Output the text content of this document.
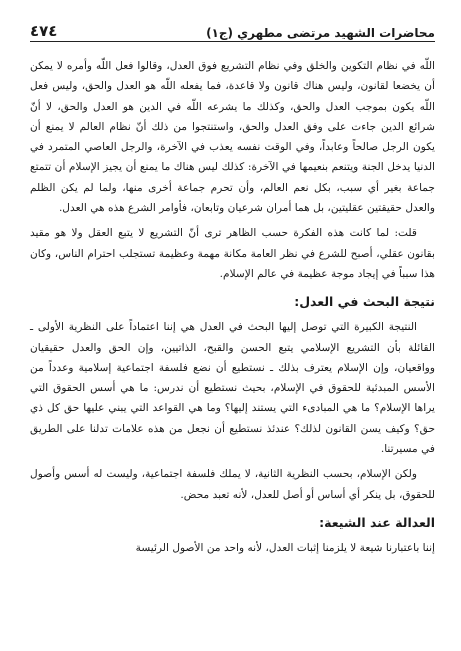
محاضرات الشهيد مرتضى مطهري (ج١)
٤٧٤

اللّه في نظام التكوين والخلق وفي نظام التشريع فوق العدل، وقالوا فعل اللّه وأمره لا يمكن أن يخضعا لقانون، وليس هناك قانون ولا قاعدة، فما يفعله اللّه هو العدل والحق، وليس فعل اللّه يكون بموجب العدل والحق، وكذلك ما يشرعه اللّه في الدين هو العدل والحق، لا أنّ شرائع الدين جاءت على وفق العدل والحق، واستنتجوا من ذلك أنّ نظام العالم لا يمنع أن يكون الرجل صالحاً وعابداً، وفي الوقت نفسه يعذب في الآخرة، والرجل العاصي المتمرد في الدنيا يدخل الجنة ويتنعم بنعيمها في الآخرة: كذلك ليس هناك ما يمنع أن يجيز الإسلام أن تتمتع جماعة بغير أي سبب، بكل نعم العالم، وأن تحرم جماعة أخرى منها، ولما لم يكن الظلم والعدل حقيقتين عقليتين، بل هما أمران شرعيان وتابعان، فأوامر الشرع هذه هي العدل.

قلت: لما كانت هذه الفكرة حسب الظاهر ترى أنّ التشريع لا يتبع العقل ولا هو مقيد بقانون عقلي، أصبح للشرع في نظر العامة مكانة مهمة وعظيمة تستجلب احترام الناس، وكان هذا سبباً في إيجاد موجة عظيمة في عالم الإسلام.

نتيجة البحث في العدل:

النتيجة الكبيرة التي توصل إليها البحث في العدل هي إننا اعتماداً على النظرية الأولى ـ القائلة بأن التشريع الإسلامي يتبع الحسن والقبح، الذاتيين، وإن الحق والعدل حقيقيان وواقعيان، وإن الإسلام يعترف بذلك ـ نستطيع أن نضع فلسفة اجتماعية إسلامية وعدداً من الأسس المبدئية للحقوق في الإسلام، بحيث نستطيع أن ندرس: ما هي أسس الحقوق التي يراها الإسلام؟ ما هي المبادىء التي يستند إليها؟ وما هي القواعد التي يبني عليها حق كل ذي حق؟ وكيف يسن القانون لذلك؟ عندئذ نستطيع أن نجعل من هذه علامات تدلنا على الطريق في مسيرتنا.

ولكن الإسلام، بحسب النظرية الثانية، لا يملك فلسفة اجتماعية، وليست له أسس وأصول للحقوق، بل ينكر أي أساس أو أصل للعدل، لأنه تعبد محض.

العدالة عند الشيعة:

إننا باعتبارنا شيعة لا يلزمنا إثبات العدل، لأنه واحد من الأصول الرئيسة
